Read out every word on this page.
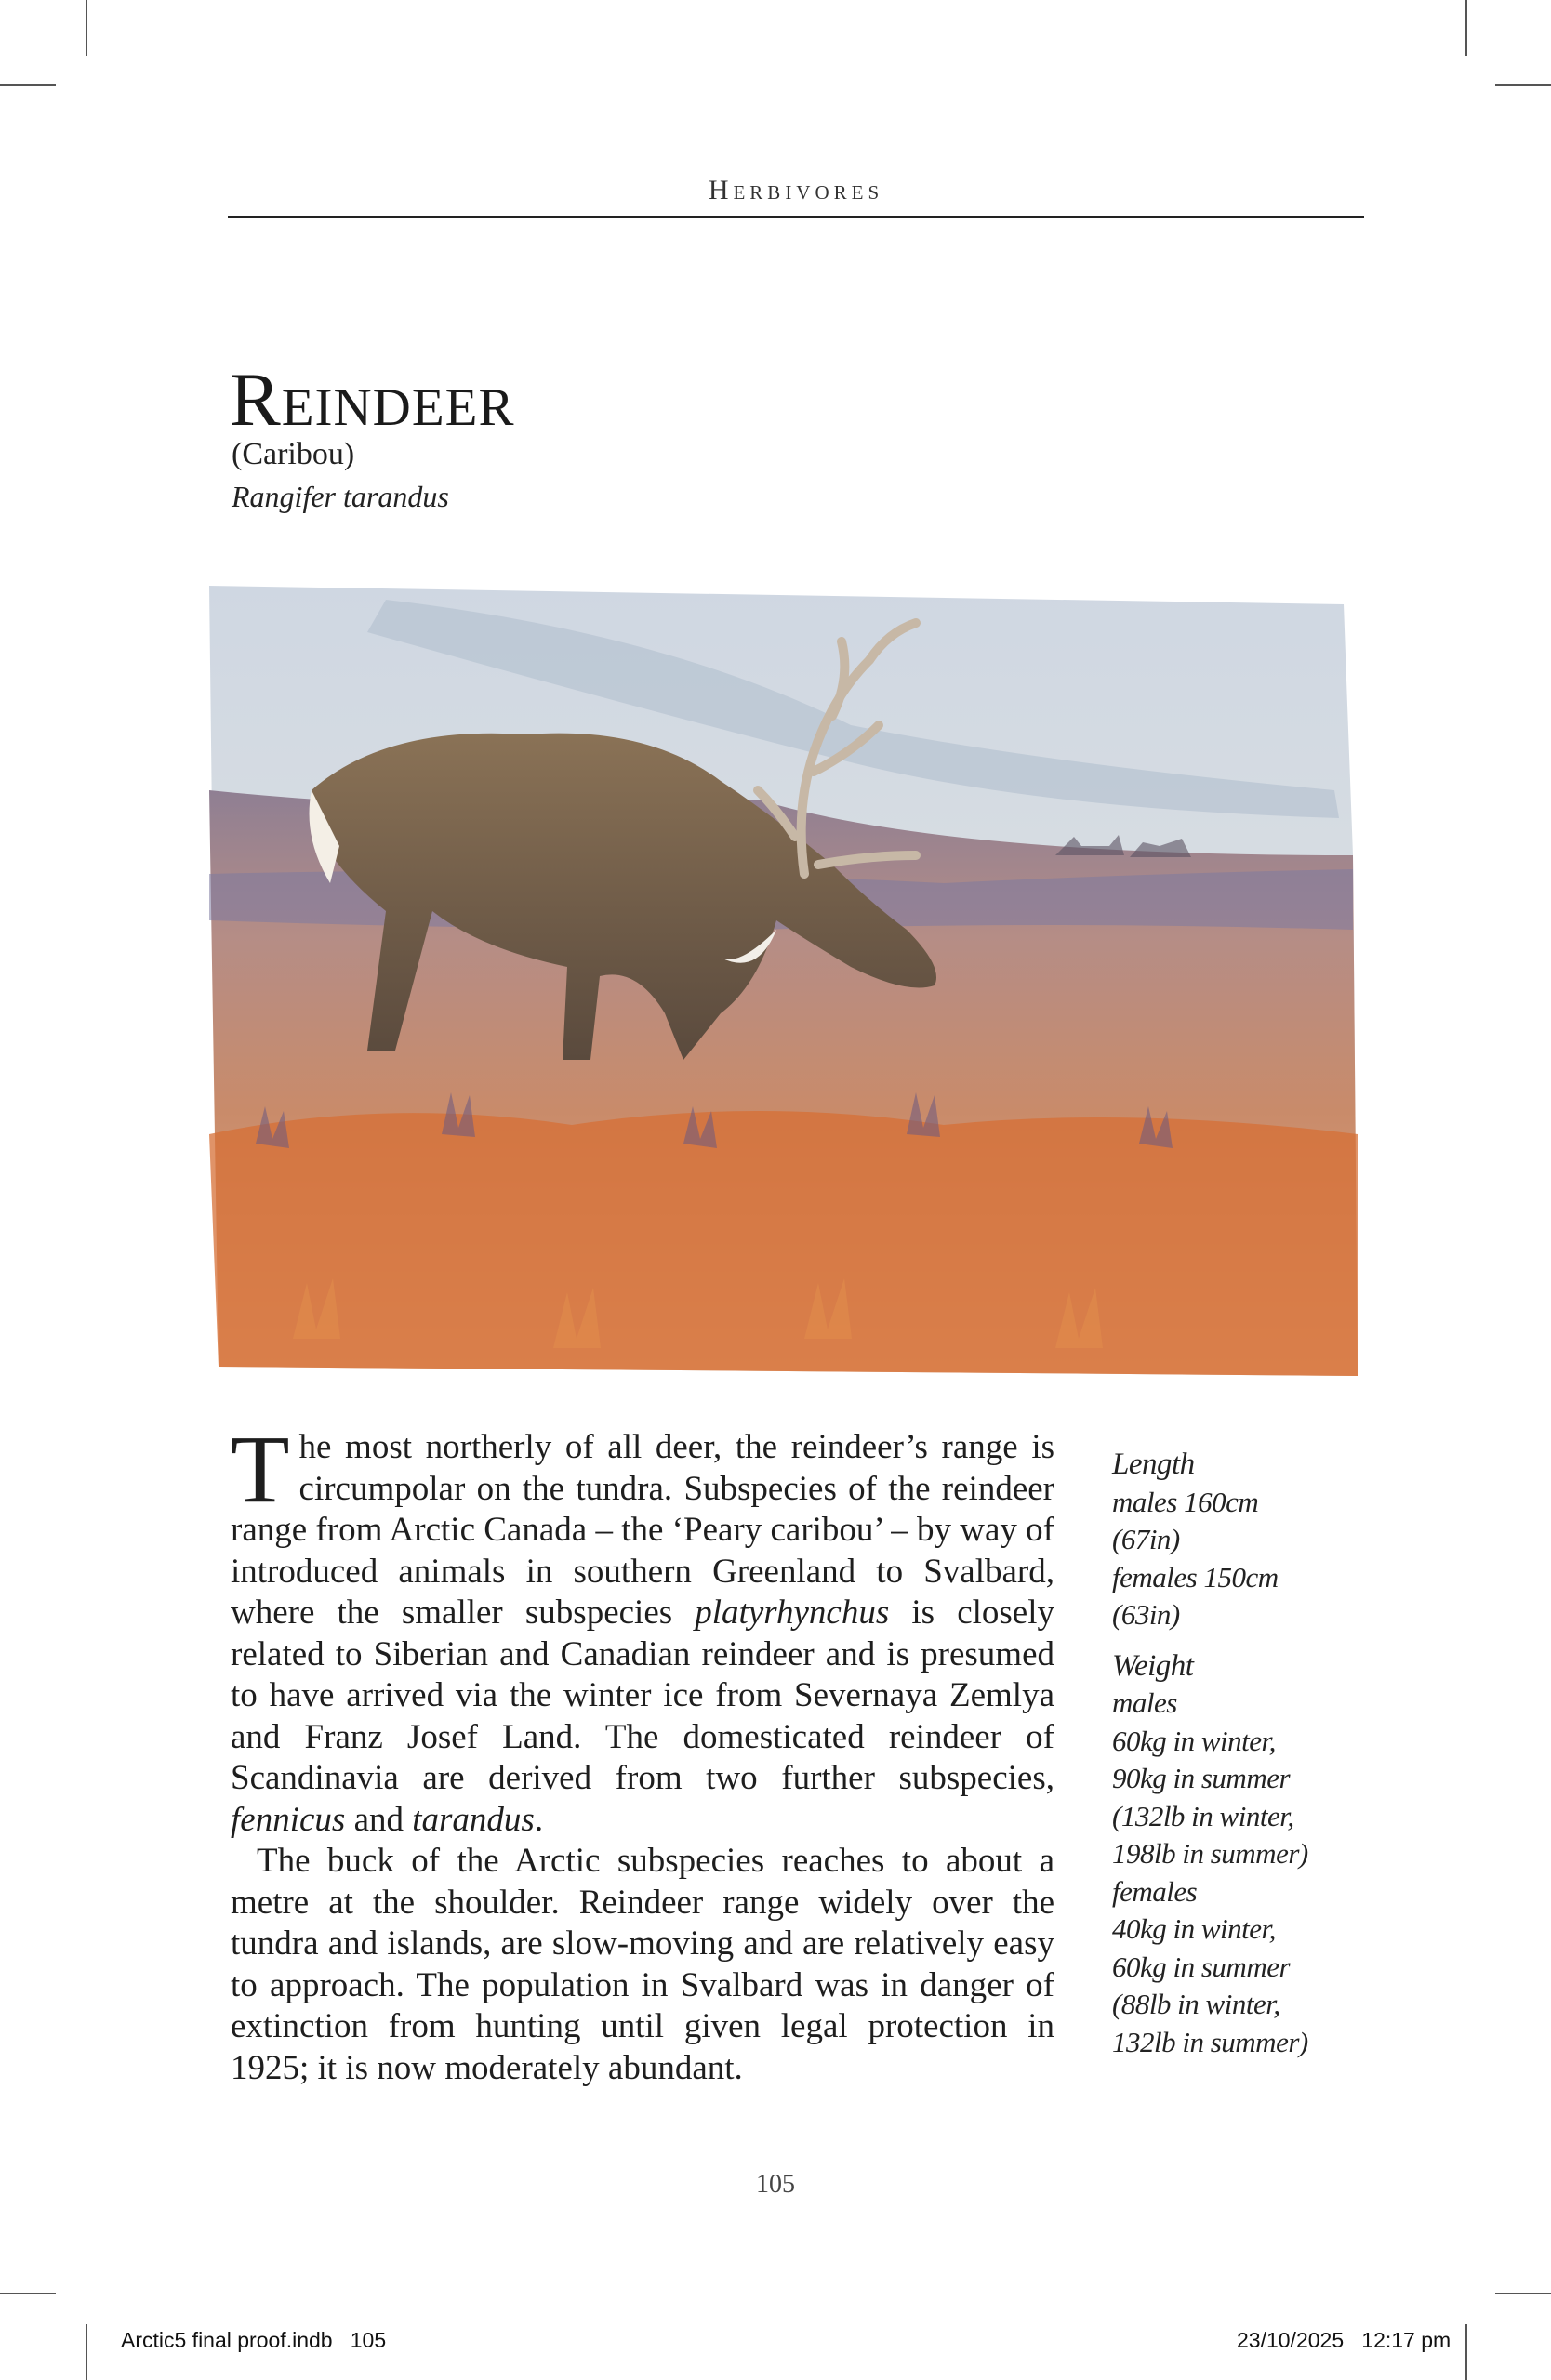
Herbivores
Reindeer
(Caribou)
Rangifer tarandus

The most northerly of all deer, the reindeer’s range is circumpolar on the tundra. Subspecies of the reindeer range from Arctic Canada – the ‘Peary caribou’ – by way of introduced animals in southern Greenland to Svalbard, where the smaller subspecies platyrhynchus is closely related to Siberian and Canadian reindeer and is presumed to have arrived via the winter ice from Severnaya Zemlya and Franz Josef Land. The domesticated reindeer of Scandinavia are derived from two further subspecies, fennicus and tarandus.

The buck of the Arctic subspecies reaches to about a metre at the shoulder. Reindeer range widely over the tundra and islands, are slow-moving and are relatively easy to approach. The population in Svalbard was in danger of extinction from hunting until given legal protection in 1925; it is now moderately abundant.

Length
males 160cm
(67in)
females 150cm
(63in)
Weight
males
60kg in winter,
90kg in summer
(132lb in winter,
198lb in summer)
females
40kg in winter,
60kg in summer
(88lb in winter,
132lb in summer)
105
Arctic5 final proof.indb 105	23/10/2025 12:17 pm
